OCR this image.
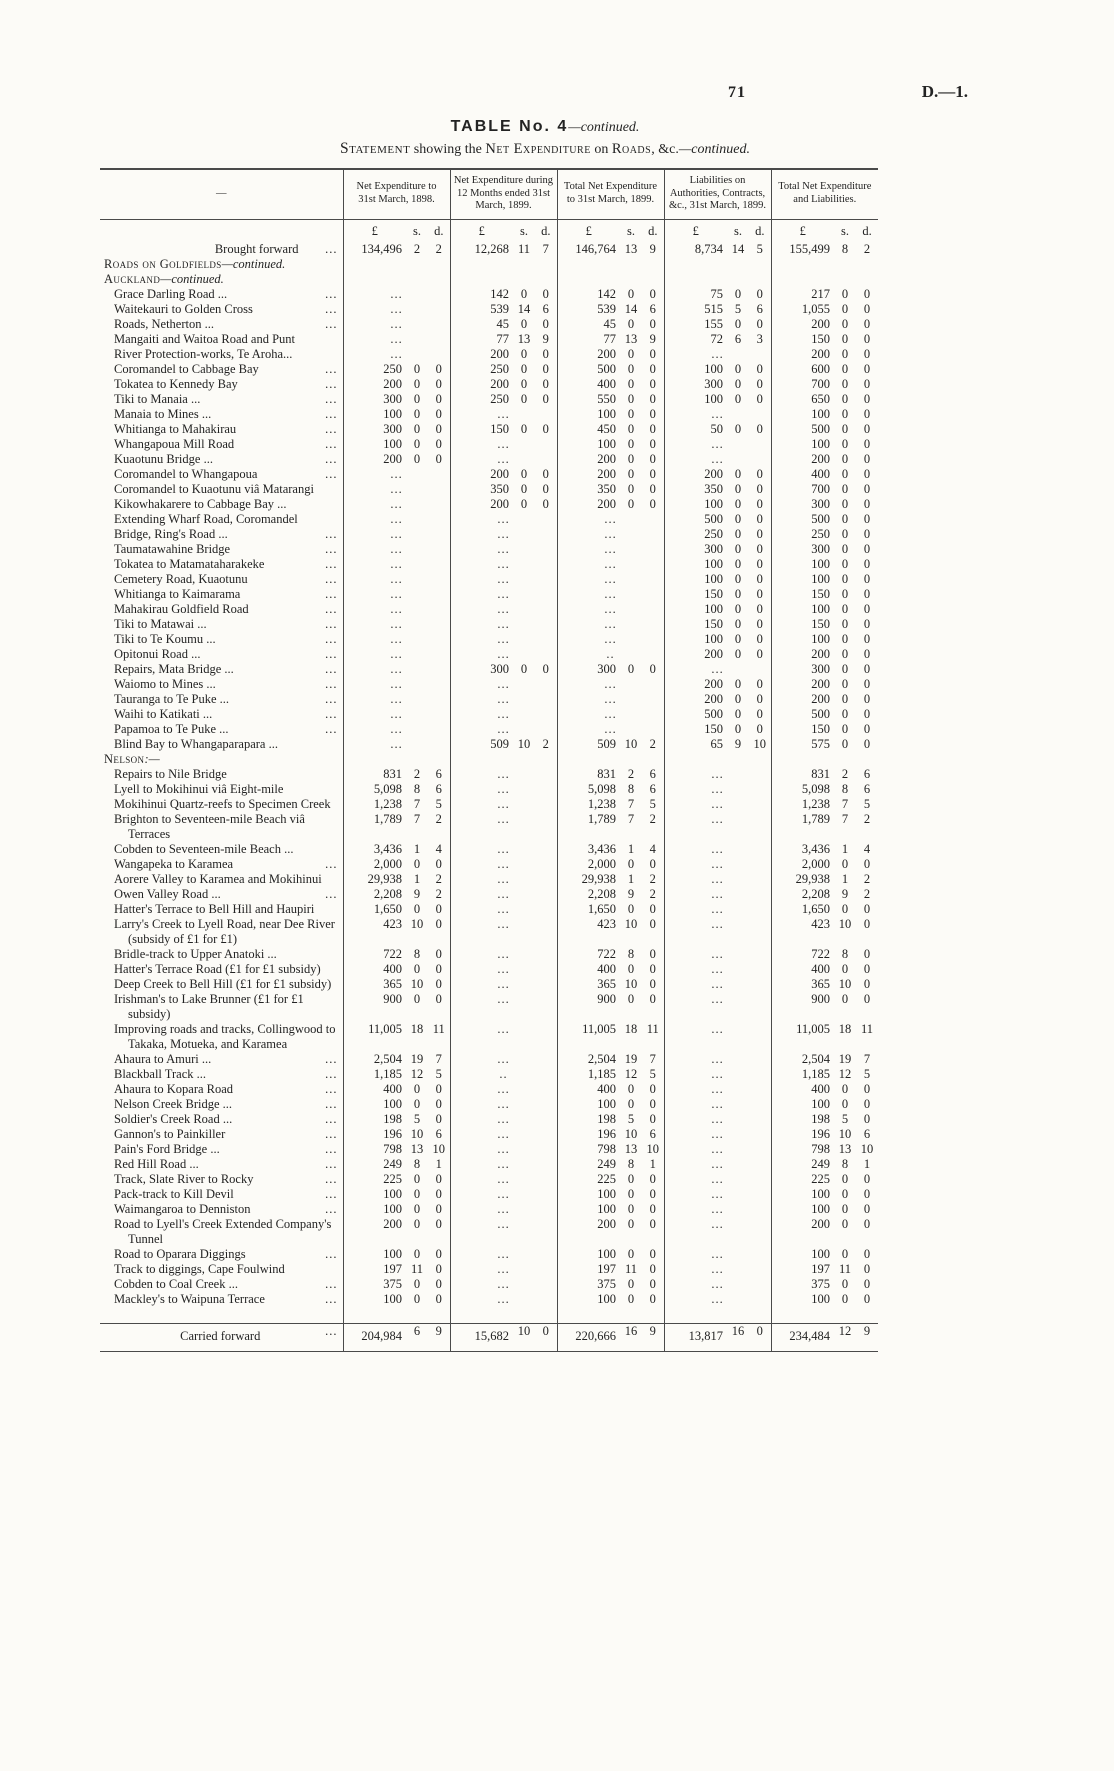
71	D.—1.
TABLE No. 4—continued.
Statement showing the Net Expenditure on Roads, &c.—continued.
—	Net Expenditure to 31st March, 1898.			Net Expenditure during 12 Months ended 31st March, 1899.			Total Net Expenditure to 31st March, 1899.			Liabilities on Authorities, Contracts, &c., 31st March, 1899.			Total Net Expenditure and Liabilities.		
	£	s.	d.	£	s.	d.	£	s.	d.	£	s.	d.	£	s.	d.
Brought forward ...	134,496	2	2	12,268	11	7	146,764	13	9	8,734	14	5	155,499	8	2
Roads on Goldfields—continued.															
Auckland—continued.															
Grace Darling Road ... ...	...			142	0	0	142	0	0	75	0	0	217	0	0
Waitekauri to Golden Cross ...	...			539	14	6	539	14	6	515	5	6	1,055	0	0
Roads, Netherton ... ...	...			45	0	0	45	0	0	155	0	0	200	0	0
Mangaiti and Waitoa Road and Punt	...			77	13	9	77	13	9	72	6	3	150	0	0
River Protection-works, Te Aroha...	...			200	0	0	200	0	0	...			200	0	0
Coromandel to Cabbage Bay ...	250	0	0	250	0	0	500	0	0	100	0	0	600	0	0
Tokatea to Kennedy Bay ...	200	0	0	200	0	0	400	0	0	300	0	0	700	0	0
Tiki to Manaia ... ...	300	0	0	250	0	0	550	0	0	100	0	0	650	0	0
Manaia to Mines ... ...	100	0	0	...			100	0	0	...			100	0	0
Whitianga to Mahakirau ...	300	0	0	150	0	0	450	0	0	50	0	0	500	0	0
Whangapoua Mill Road ...	100	0	0	...			100	0	0	...			100	0	0
Kuaotunu Bridge ... ...	200	0	0	...			200	0	0	...			200	0	0
Coromandel to Whangapoua ...	...			200	0	0	200	0	0	200	0	0	400	0	0
Coromandel to Kuaotunu viâ Matarangi	...			350	0	0	350	0	0	350	0	0	700	0	0
Kikowhakarere to Cabbage Bay ...	...			200	0	0	200	0	0	100	0	0	300	0	0
Extending Wharf Road, Coromandel	...			...			...			500	0	0	500	0	0
Bridge, Ring's Road ... ...	...			...			...			250	0	0	250	0	0
Taumatawahine Bridge ...	...			...			...			300	0	0	300	0	0
Tokatea to Matamataharakeke ...	...			...			...			100	0	0	100	0	0
Cemetery Road, Kuaotunu ...	...			...			...			100	0	0	100	0	0
Whitianga to Kaimarama ...	...			...			...			150	0	0	150	0	0
Mahakirau Goldfield Road ...	...			...			...			100	0	0	100	0	0
Tiki to Matawai ... ...	...			...			...			150	0	0	150	0	0
Tiki to Te Koumu ... ...	...			...			...			100	0	0	100	0	0
Opitonui Road ... ...	...			...			..			200	0	0	200	0	0
Repairs, Mata Bridge ... ...	...			300	0	0	300	0	0	...			300	0	0
Waiomo to Mines ... ...	...			...			...			200	0	0	200	0	0
Tauranga to Te Puke ... ...	...			...			...			200	0	0	200	0	0
Waihi to Katikati ... ...	...			...			...			500	0	0	500	0	0
Papamoa to Te Puke ... ...	...			...			...			150	0	0	150	0	0
Blind Bay to Whangaparapara ...	...			509	10	2	509	10	2	65	9	10	575	0	0
Nelson:—															
Repairs to Nile Bridge	831	2	6	...			831	2	6	...			831	2	6
Lyell to Mokihinui viâ Eight-mile	5,098	8	6	...			5,098	8	6	...			5,098	8	6
Mokihinui Quartz-reefs to Specimen Creek	1,238	7	5	...			1,238	7	5	...			1,238	7	5
Brighton to Seventeen-mile Beach viâ Terraces	1,789	7	2	...			1,789	7	2	...			1,789	7	2
Cobden to Seventeen-mile Beach ...	3,436	1	4	...			3,436	1	4	...			3,436	1	4
Wangapeka to Karamea ...	2,000	0	0	...			2,000	0	0	...			2,000	0	0
Aorere Valley to Karamea and Mokihinui	29,938	1	2	...			29,938	1	2	...			29,938	1	2
Owen Valley Road ... ...	2,208	9	2	...			2,208	9	2	...			2,208	9	2
Hatter's Terrace to Bell Hill and Haupiri	1,650	0	0	...			1,650	0	0	...			1,650	0	0
Larry's Creek to Lyell Road, near Dee River (subsidy of £1 for £1)	423	10	0	...			423	10	0	...			423	10	0
Bridle-track to Upper Anatoki ...	722	8	0	...			722	8	0	...			722	8	0
Hatter's Terrace Road (£1 for £1 subsidy)	400	0	0	...			400	0	0	...			400	0	0
Deep Creek to Bell Hill (£1 for £1 subsidy)	365	10	0	...			365	10	0	...			365	10	0
Irishman's to Lake Brunner (£1 for £1 subsidy)	900	0	0	...			900	0	0	...			900	0	0
Improving roads and tracks, Collingwood to Takaka, Motueka, and Karamea	11,005	18	11	...			11,005	18	11	...			11,005	18	11
Ahaura to Amuri ... ...	2,504	19	7	...			2,504	19	7	...			2,504	19	7
Blackball Track ... ...	1,185	12	5	..			1,185	12	5	...			1,185	12	5
Ahaura to Kopara Road ...	400	0	0	...			400	0	0	...			400	0	0
Nelson Creek Bridge ... ...	100	0	0	...			100	0	0	...			100	0	0
Soldier's Creek Road ... ...	198	5	0	...			198	5	0	...			198	5	0
Gannon's to Painkiller ...	196	10	6	...			196	10	6	...			196	10	6
Pain's Ford Bridge ... ...	798	13	10	...			798	13	10	...			798	13	10
Red Hill Road ... ...	249	8	1	...			249	8	1	...			249	8	1
Track, Slate River to Rocky ...	225	0	0	...			225	0	0	...			225	0	0
Pack-track to Kill Devil ...	100	0	0	...			100	0	0	...			100	0	0
Waimangaroa to Denniston ...	100	0	0	...			100	0	0	...			100	0	0
Road to Lyell's Creek Extended Company's Tunnel	200	0	0	...			200	0	0	...			200	0	0
Road to Oparara Diggings ...	100	0	0	...			100	0	0	...			100	0	0
Track to diggings, Cape Foulwind	197	11	0	...			197	11	0	...			197	11	0
Cobden to Coal Creek ... ...	375	0	0	...			375	0	0	...			375	0	0
Mackley's to Waipuna Terrace ...	100	0	0	...			100	0	0	...			100	0	0

Carried forward ...	204,984	6	9	15,682	10	0	220,666	16	9	13,817	16	0	234,484	12	9
